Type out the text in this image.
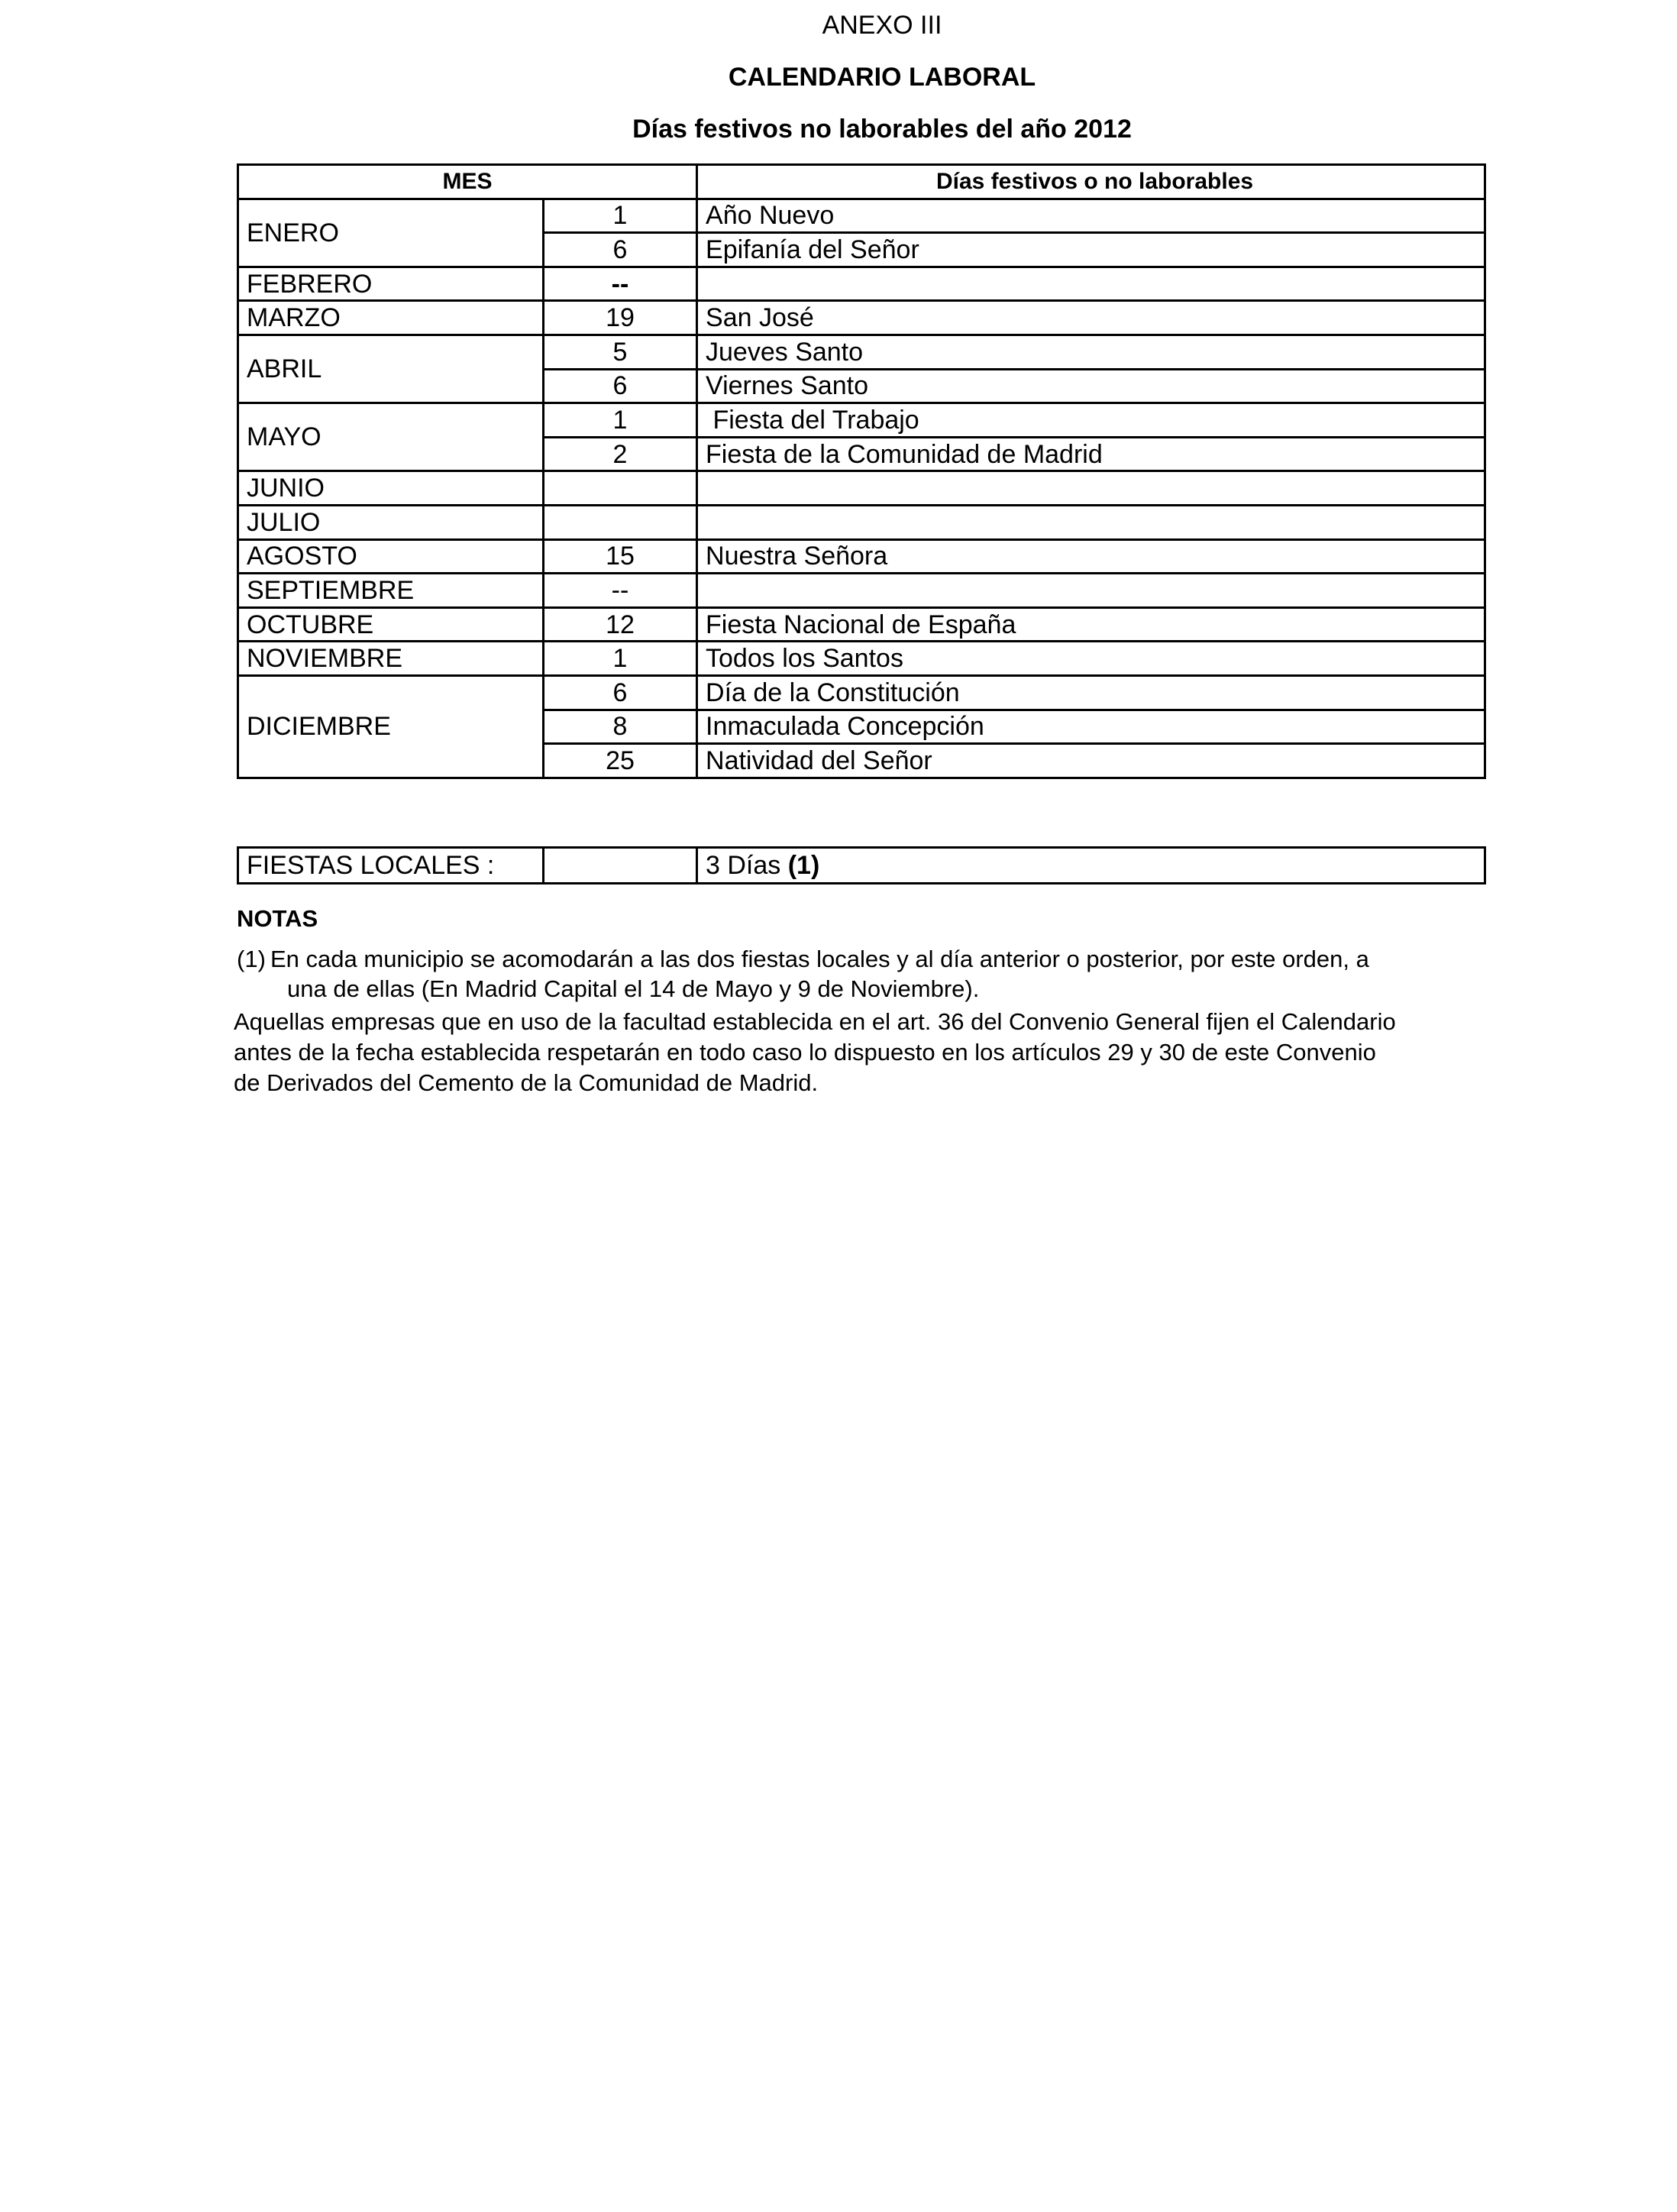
ANEXO III
CALENDARIO LABORAL
Días festivos no laborables del año 2012
MES		Días festivos o no laborables
ENERO	1	Año Nuevo
	6	Epifanía del Señor
FEBRERO	--	
MARZO	19	San José
ABRIL	5	Jueves Santo
	6	Viernes Santo
MAYO	1	Fiesta del Trabajo
	2	Fiesta de la Comunidad de Madrid
JUNIO		
JULIO		
AGOSTO	15	Nuestra Señora
SEPTIEMBRE	--	
OCTUBRE	12	Fiesta Nacional de España
NOVIEMBRE	1	Todos los Santos
DICIEMBRE	6	Día de la Constitución
	8	Inmaculada Concepción
	25	Natividad del Señor
FIESTAS LOCALES :		3 Días (1)
NOTAS
(1) En cada municipio se acomodarán a las dos fiestas locales y al día anterior o posterior, por este orden, a
una de ellas (En Madrid Capital el 14 de Mayo y 9 de Noviembre).
Aquellas empresas que en uso de la facultad establecida en el art. 36 del Convenio General fijen el Calendario
antes de la fecha establecida respetarán en todo caso lo dispuesto en los artículos 29 y 30 de este Convenio
de Derivados del Cemento de la Comunidad de Madrid.
